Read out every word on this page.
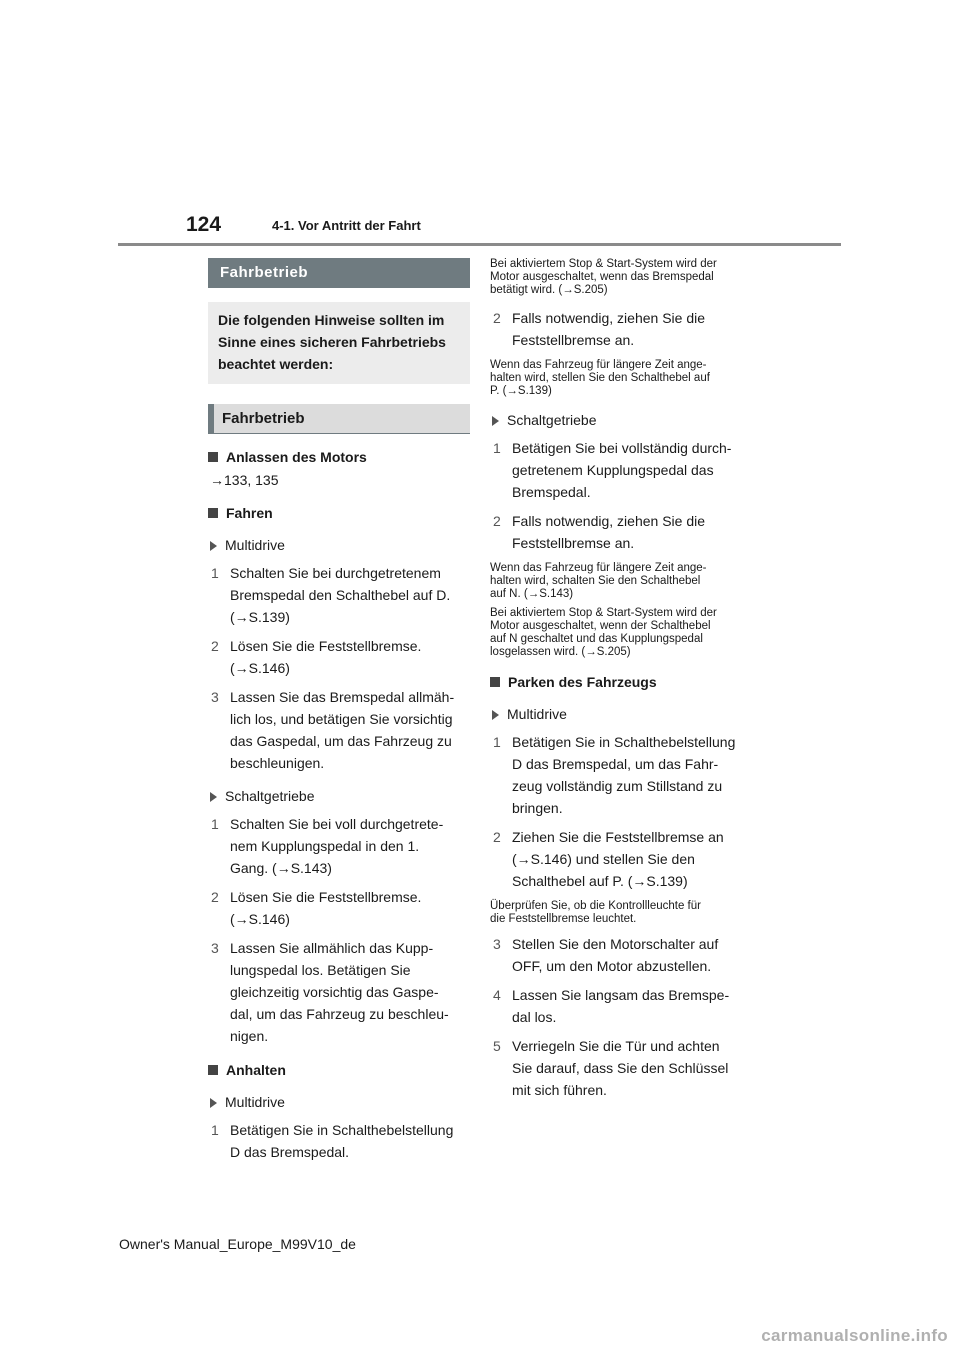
124	4-1. Vor Antritt der Fahrt
Fahrbetrieb
Die folgenden Hinweise sollten im Sinne eines sicheren Fahrbetriebs beachtet werden:
Fahrbetrieb
Anlassen des Motors
→133, 135
Fahren
Multidrive
1 Schalten Sie bei durchgetretenem
Bremspedal den Schalthebel auf D.
(→S.139)
2 Lösen Sie die Feststellbremse.
(→S.146)
3 Lassen Sie das Bremspedal allmäh-
lich los, und betätigen Sie vorsichtig
das Gaspedal, um das Fahrzeug zu
beschleunigen.
Schaltgetriebe
1 Schalten Sie bei voll durchgetrete-
nem Kupplungspedal in den 1.
Gang. (→S.143)
2 Lösen Sie die Feststellbremse.
(→S.146)
3 Lassen Sie allmählich das Kupp-
lungspedal los. Betätigen Sie
gleichzeitig vorsichtig das Gaspe-
dal, um das Fahrzeug zu beschleu-
nigen.
Anhalten
Multidrive
1 Betätigen Sie in Schalthebelstellung
D das Bremspedal.
Bei aktiviertem Stop & Start-System wird der
Motor ausgeschaltet, wenn das Bremspedal
betätigt wird. (→S.205)
2 Falls notwendig, ziehen Sie die
Feststellbremse an.
Wenn das Fahrzeug für längere Zeit ange-
halten wird, stellen Sie den Schalthebel auf
P. (→S.139)
Schaltgetriebe
1 Betätigen Sie bei vollständig durch-
getretenem Kupplungspedal das
Bremspedal.
2 Falls notwendig, ziehen Sie die
Feststellbremse an.
Wenn das Fahrzeug für längere Zeit ange-
halten wird, schalten Sie den Schalthebel
auf N. (→S.143)
Bei aktiviertem Stop & Start-System wird der
Motor ausgeschaltet, wenn der Schalthebel
auf N geschaltet und das Kupplungspedal
losgelassen wird. (→S.205)
Parken des Fahrzeugs
Multidrive
1 Betätigen Sie in Schalthebelstellung
D das Bremspedal, um das Fahr-
zeug vollständig zum Stillstand zu
bringen.
2 Ziehen Sie die Feststellbremse an
(→S.146) und stellen Sie den
Schalthebel auf P. (→S.139)
Überprüfen Sie, ob die Kontrollleuchte für
die Feststellbremse leuchtet.
3 Stellen Sie den Motorschalter auf
OFF, um den Motor abzustellen.
4 Lassen Sie langsam das Bremspe-
dal los.
5 Verriegeln Sie die Tür und achten
Sie darauf, dass Sie den Schlüssel
mit sich führen.
Owner's Manual_Europe_M99V10_de
carmanualsonline.info
